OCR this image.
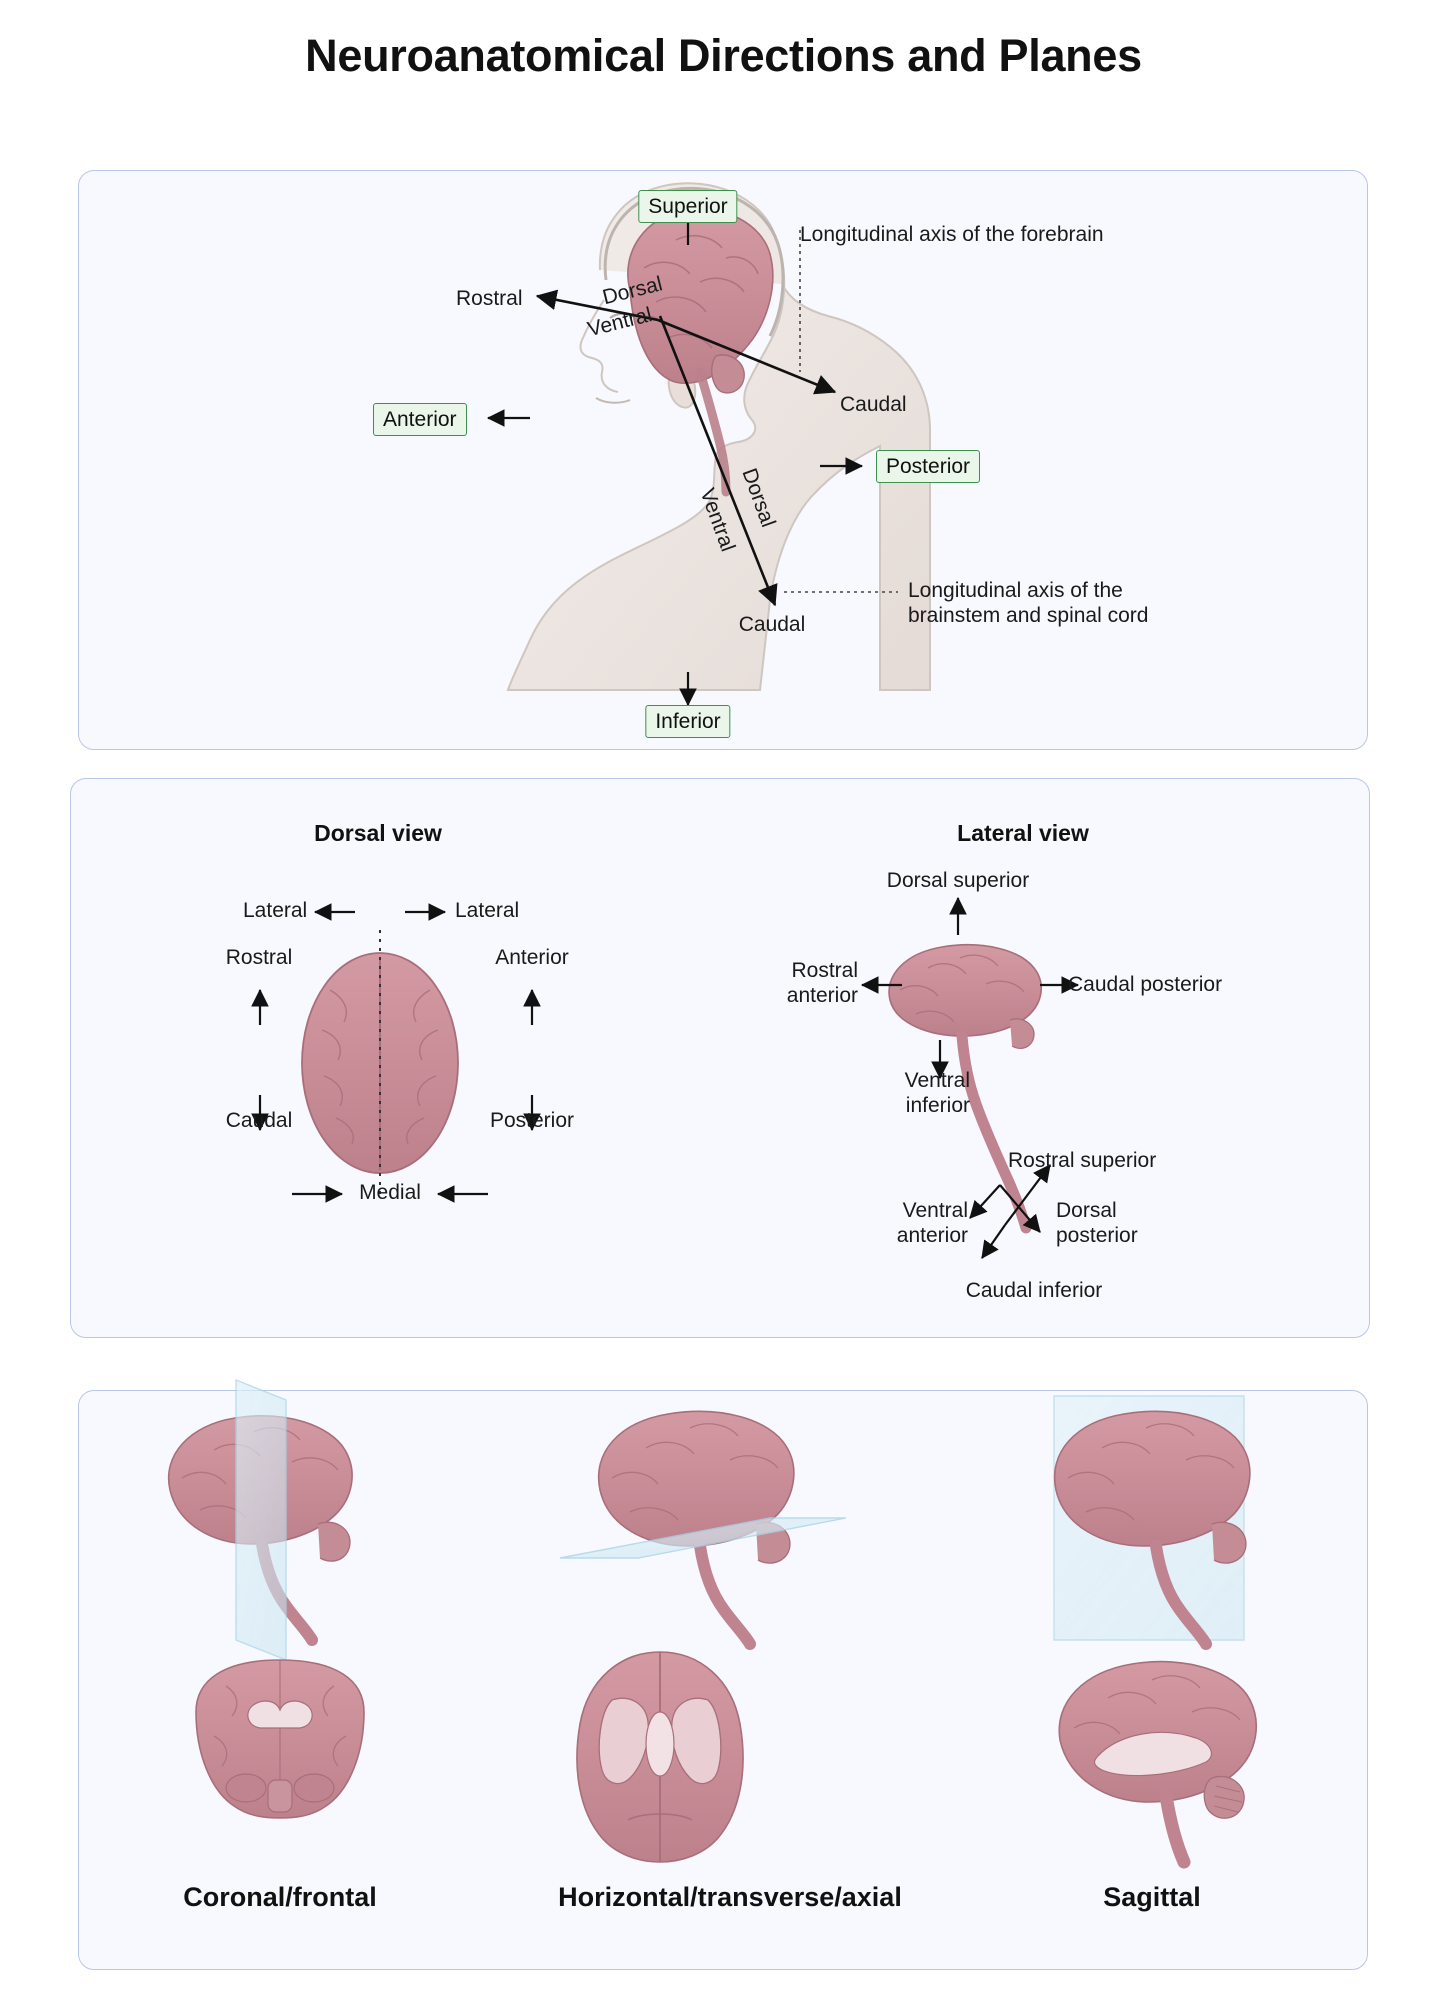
Neuroanatomical Directions and Planes
Superior
Inferior
Anterior
Posterior
Rostral
Caudal
Dorsal
Ventral
Dorsal
Ventral
Caudal
Longitudinal axis of the forebrain
Longitudinal axis of the
brainstem and spinal cord
Dorsal view	Lateral view
Lateral	Lateral
Rostral
Caudal
Anterior
Posterior
Medial
Dorsal superior
Rostral
anterior	Caudal posterior
Ventral
inferior
Rostral superior
Ventral
anterior
Dorsal
posterior
Caudal inferior
Coronal/frontal	Horizontal/transverse/axial	Sagittal
